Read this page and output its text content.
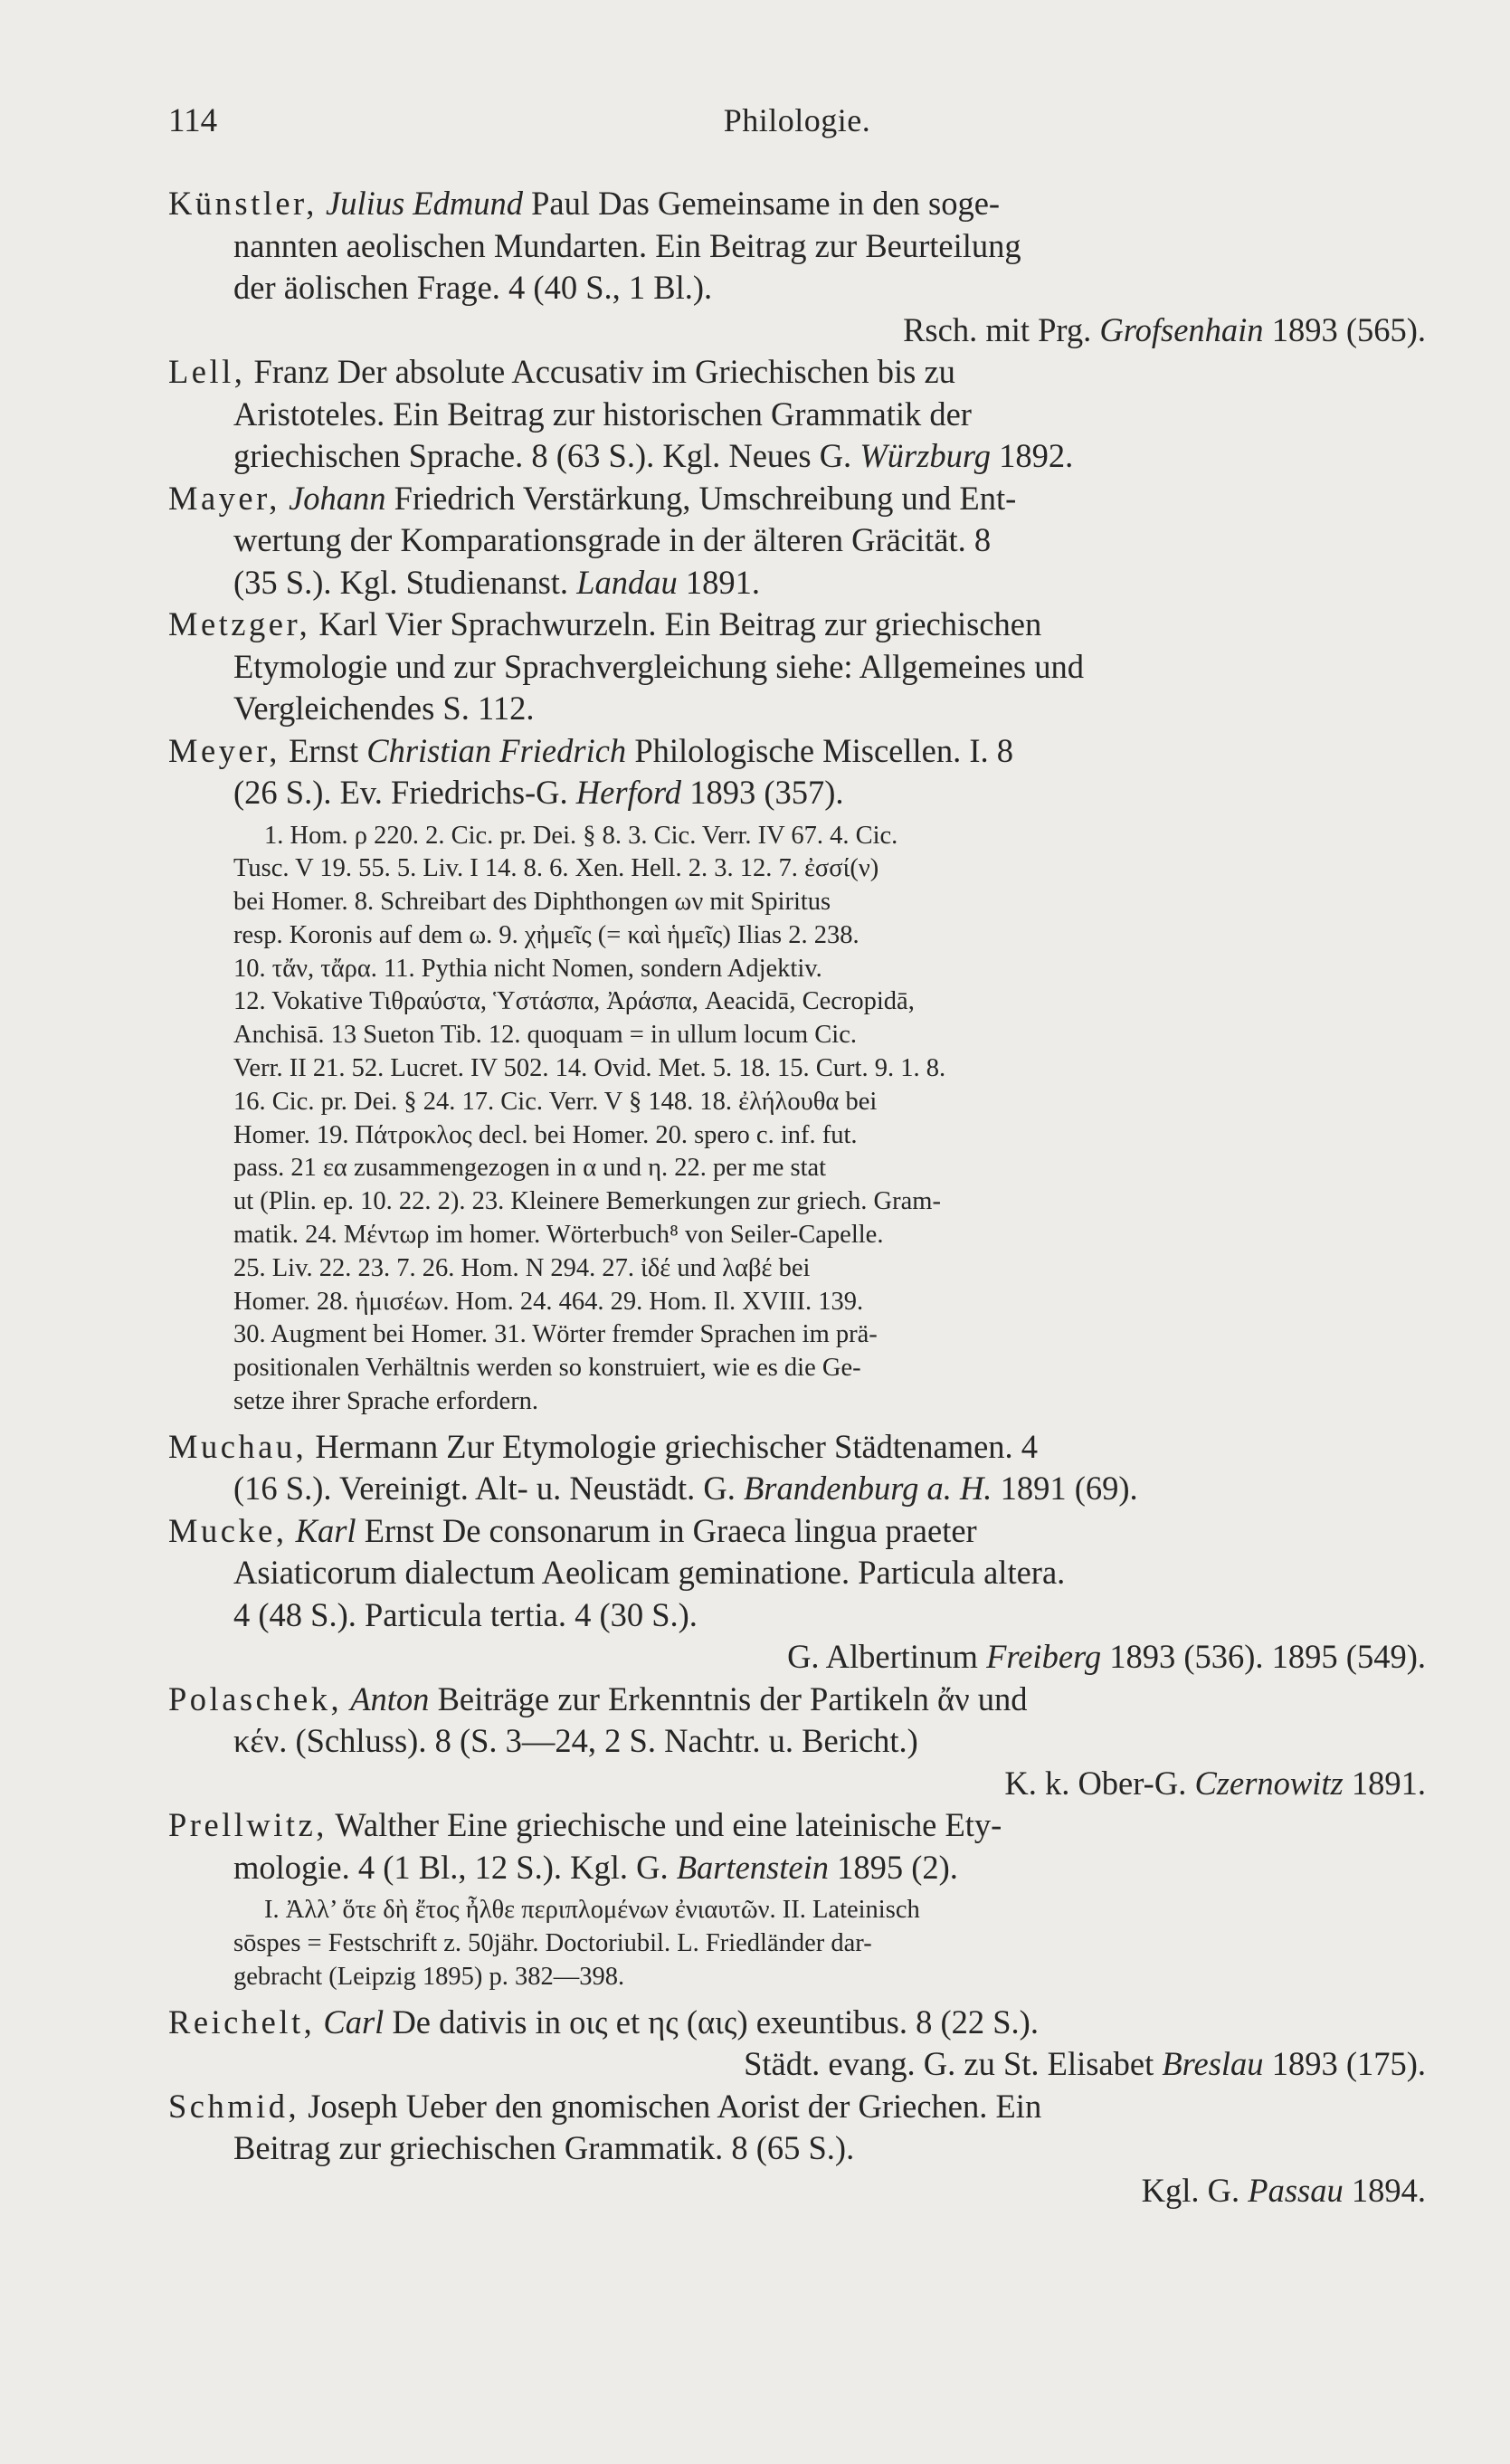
114	Philologie.

Künstler, Julius Edmund Paul Das Gemeinsame in den soge-
nannten aeolischen Mundarten. Ein Beitrag zur Beurteilung
der äolischen Frage. 4 (40 S., 1 Bl.).
Rsch. mit Prg. Grofsenhain 1893 (565).

Lell, Franz Der absolute Accusativ im Griechischen bis zu
Aristoteles. Ein Beitrag zur historischen Grammatik der
griechischen Sprache. 8 (63 S.). Kgl. Neues G. Würzburg 1892.

Mayer, Johann Friedrich Verstärkung, Umschreibung und Ent-
wertung der Komparationsgrade in der älteren Gräcität. 8
(35 S.). Kgl. Studienanst. Landau 1891.

Metzger, Karl Vier Sprachwurzeln. Ein Beitrag zur griechischen
Etymologie und zur Sprachvergleichung siehe: Allgemeines und
Vergleichendes S. 112.

Meyer, Ernst Christian Friedrich Philologische Miscellen. I. 8
(26 S.). Ev. Friedrichs-G. Herford 1893 (357).

1. Hom. ρ 220. 2. Cic. pr. Dei. § 8. 3. Cic. Verr. IV 67. 4. Cic.
Tusc. V 19. 55. 5. Liv. I 14. 8. 6. Xen. Hell. 2. 3. 12. 7. ἐσσί(ν)
bei Homer. 8. Schreibart des Diphthongen ων mit Spiritus
resp. Koronis auf dem ω. 9. χἠμεῖς (= καὶ ἡμεῖς) Ilias 2. 238.
10. τἄν, τἄρα. 11. Pythia nicht Nomen, sondern Adjektiv.
12. Vokative Τιθραύστα, Ὑστάσπα, Ἀράσπα, Aeacidā, Cecropidā,
Anchisā. 13 Sueton Tib. 12. quoquam = in ullum locum Cic.
Verr. II 21. 52. Lucret. IV 502. 14. Ovid. Met. 5. 18. 15. Curt. 9. 1. 8.
16. Cic. pr. Dei. § 24. 17. Cic. Verr. V § 148. 18. ἐλήλουθα bei
Homer. 19. Πάτροκλος decl. bei Homer. 20. spero c. inf. fut.
pass. 21 εα zusammengezogen in α und η. 22. per me stat
ut (Plin. ep. 10. 22. 2). 23. Kleinere Bemerkungen zur griech. Gram-
matik. 24. Μέντωρ im homer. Wörterbuch⁸ von Seiler-Capelle.
25. Liv. 22. 23. 7. 26. Hom. N 294. 27. ἰδέ und λαβέ bei
Homer. 28. ἡμισέων. Hom. 24. 464. 29. Hom. Il. XVIII. 139.
30. Augment bei Homer. 31. Wörter fremder Sprachen im prä-
positionalen Verhältnis werden so konstruiert, wie es die Ge-
setze ihrer Sprache erfordern.

Muchau, Hermann Zur Etymologie griechischer Städtenamen. 4
(16 S.). Vereinigt. Alt- u. Neustädt. G. Brandenburg a. H. 1891 (69).

Mucke, Karl Ernst De consonarum in Graeca lingua praeter
Asiaticorum dialectum Aeolicam geminatione. Particula altera.
4 (48 S.). Particula tertia. 4 (30 S.).
G. Albertinum Freiberg 1893 (536). 1895 (549).

Polaschek, Anton Beiträge zur Erkenntnis der Partikeln ἄν und
κέν. (Schluss). 8 (S. 3—24, 2 S. Nachtr. u. Bericht.)
K. k. Ober-G. Czernowitz 1891.

Prellwitz, Walther Eine griechische und eine lateinische Ety-
mologie. 4 (1 Bl., 12 S.). Kgl. G. Bartenstein 1895 (2).

I. Ἀλλ’ ὅτε δὴ ἔτος ἦλθε περιπλομένων ἐνιαυτῶν. II. Lateinisch
sōspes = Festschrift z. 50jähr. Doctoriubil. L. Friedländer dar-
gebracht (Leipzig 1895) p. 382—398.

Reichelt, Carl De dativis in οις et ης (αις) exeuntibus. 8 (22 S.).
Städt. evang. G. zu St. Elisabet Breslau 1893 (175).

Schmid, Joseph Ueber den gnomischen Aorist der Griechen. Ein
Beitrag zur griechischen Grammatik. 8 (65 S.).
Kgl. G. Passau 1894.
